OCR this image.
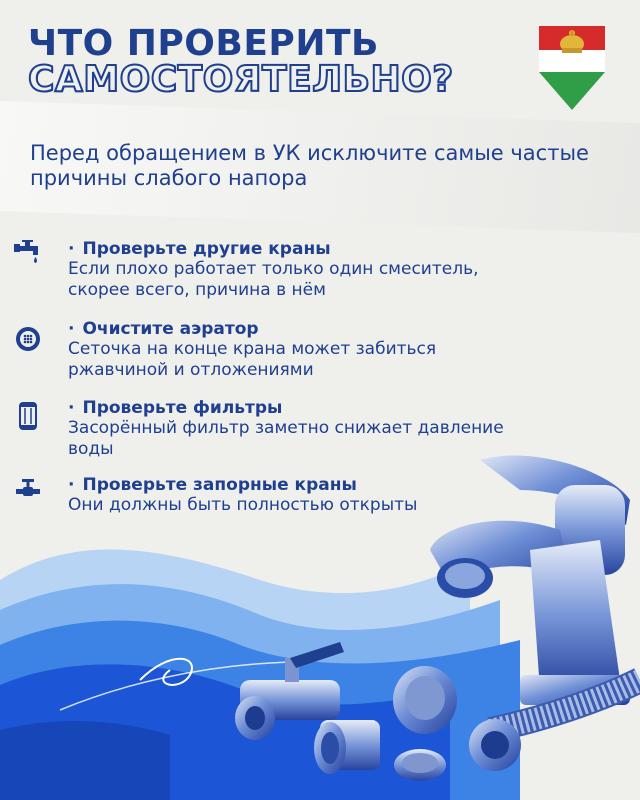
ЧТО ПРОВЕРИТЬ
САМОСТОЯТЕЛЬНО?

Перед обращением в УК исключите самые частые причины слабого напора

· Проверьте другие краны
Если плохо работает только один смеситель, скорее всего, причина в нём
· Очистите аэратор
Сеточка на конце крана может забиться ржавчиной и отложениями
· Проверьте фильтры
Засорённый фильтр заметно снижает давление воды
· Проверьте запорные краны
Они должны быть полностью открыты
